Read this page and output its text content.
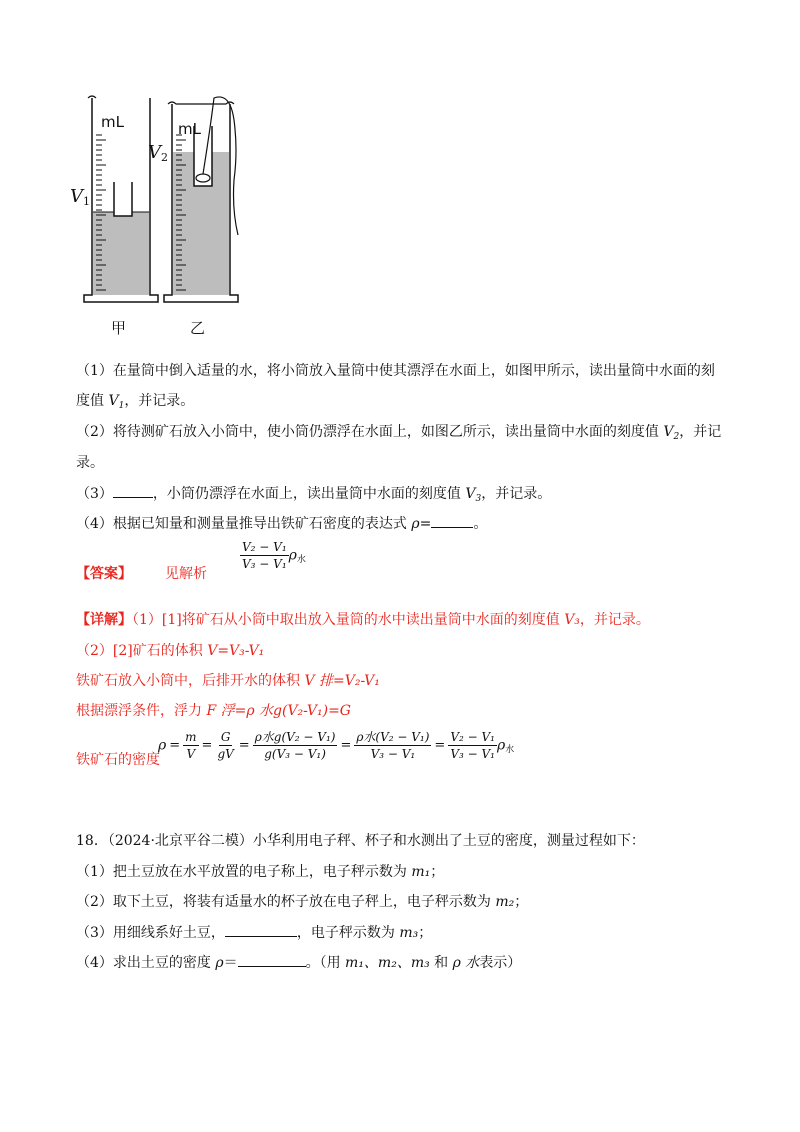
mL	mL
$V_1$
$V_2$
甲	乙
（1）在量筒中倒入适量的水，将小筒放入量筒中使其漂浮在水面上，如图甲所示，读出量筒中水面的刻
度值 $V_1$，并记录。
（2）将待测矿石放入小筒中，使小筒仍漂浮在水面上，如图乙所示，读出量筒中水面的刻度值 $V_2$，并记
录。
（3）	，小筒仍漂浮在水面上，读出量筒中水面的刻度值 $V_3$，并记录。
（4）根据已知量和测量量推导出铁矿石密度的表达式 ρ=	。
【答案】 见解析
$\frac{\text{V₂ − V₁}}{\text{V₃ − V₁}} \rho_水$
【详解】（1）[1]将矿石从小筒中取出放入量筒的水中读出量筒中水面的刻度值 V₃，并记录。
（2）[2]矿石的体积 V=V₃-V₁
铁矿石放入小筒中，后排开水的体积 V 排=V₂-V₁
根据漂浮条件，浮力 F 浮=ρ 水g(V₂-V₁)=G
铁矿石的密度
$\rho = \frac{m}{V} = \frac{G}{gV} = \frac{\text{ρ水g(V₂ − V₁)}}{\text{g(V₃ − V₁)}} = \frac{\text{ρ水(V₂ − V₁)}}{\text{V₃ − V₁}} = \frac{\text{V₂ − V₁}}{\text{V₃ − V₁}} \rho_水$
18．（2024·北京平谷二模）小华利用电子秤、杯子和水测出了土豆的密度，测量过程如下：
（1）把土豆放在水平放置的电子称上，电子秤示数为 m₁；
（2）取下土豆，将装有适量水的杯子放在电子秤上，电子秤示数为 m₂；
（3）用细线系好土豆，	，电子秤示数为 m₃；
（4）求出土豆的密度 ρ＝	。（用 m₁、m₂、m₃ 和 ρ 水表示）
